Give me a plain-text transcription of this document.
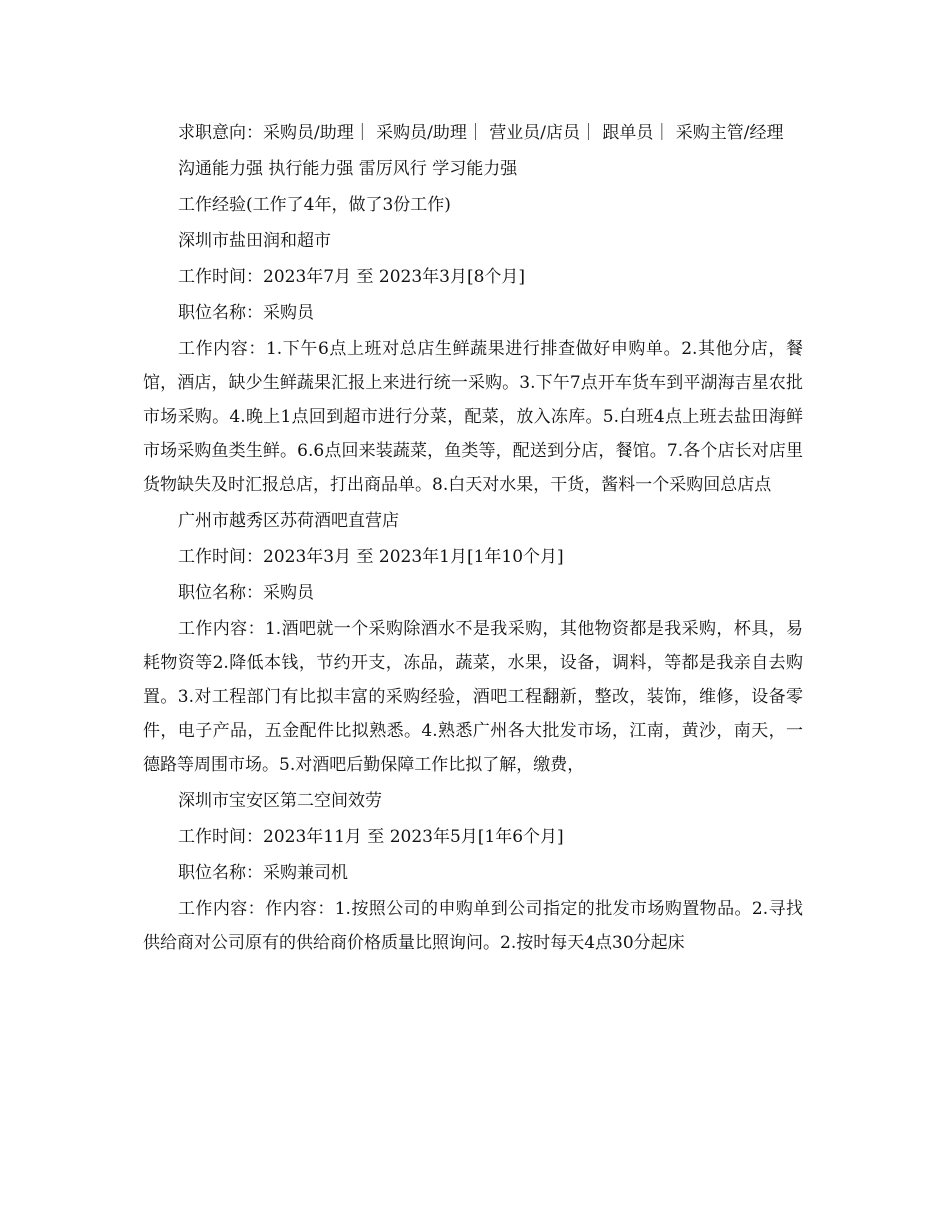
求职意向：采购员/助理｜ 采购员/助理｜ 营业员/店员｜ 跟单员｜ 采购主管/经理

沟通能力强 执行能力强 雷厉风行 学习能力强

工作经验(工作了4年，做了3份工作)

深圳市盐田润和超市

工作时间：2023年7月 至 2023年3月[8个月]

职位名称：采购员

工作内容：1.下午6点上班对总店生鲜蔬果进行排查做好申购单。2.其他分店，餐馆，酒店，缺少生鲜蔬果汇报上来进行统一采购。3.下午7点开车货车到平湖海吉星农批市场采购。4.晚上1点回到超市进行分菜，配菜，放入冻库。5.白班4点上班去盐田海鲜市场采购鱼类生鲜。6.6点回来装蔬菜，鱼类等，配送到分店，餐馆。7.各个店长对店里货物缺失及时汇报总店，打出商品单。8.白天对水果，干货，酱料一个采购回总店点

广州市越秀区苏荷酒吧直营店

工作时间：2023年3月 至 2023年1月[1年10个月]

职位名称：采购员

工作内容：1.酒吧就一个采购除酒水不是我采购，其他物资都是我采购，杯具，易耗物资等2.降低本钱，节约开支，冻品，蔬菜，水果，设备，调料，等都是我亲自去购置。3.对工程部门有比拟丰富的采购经验，酒吧工程翻新，整改，装饰，维修，设备零件，电子产品，五金配件比拟熟悉。4.熟悉广州各大批发市场，江南，黄沙，南天，一德路等周围市场。5.对酒吧后勤保障工作比拟了解，缴费，

深圳市宝安区第二空间效劳

工作时间：2023年11月 至 2023年5月[1年6个月]

职位名称：采购兼司机

工作内容：作内容：1.按照公司的申购单到公司指定的批发市场购置物品。2.寻找供给商对公司原有的供给商价格质量比照询问。2.按时每天4点30分起床
